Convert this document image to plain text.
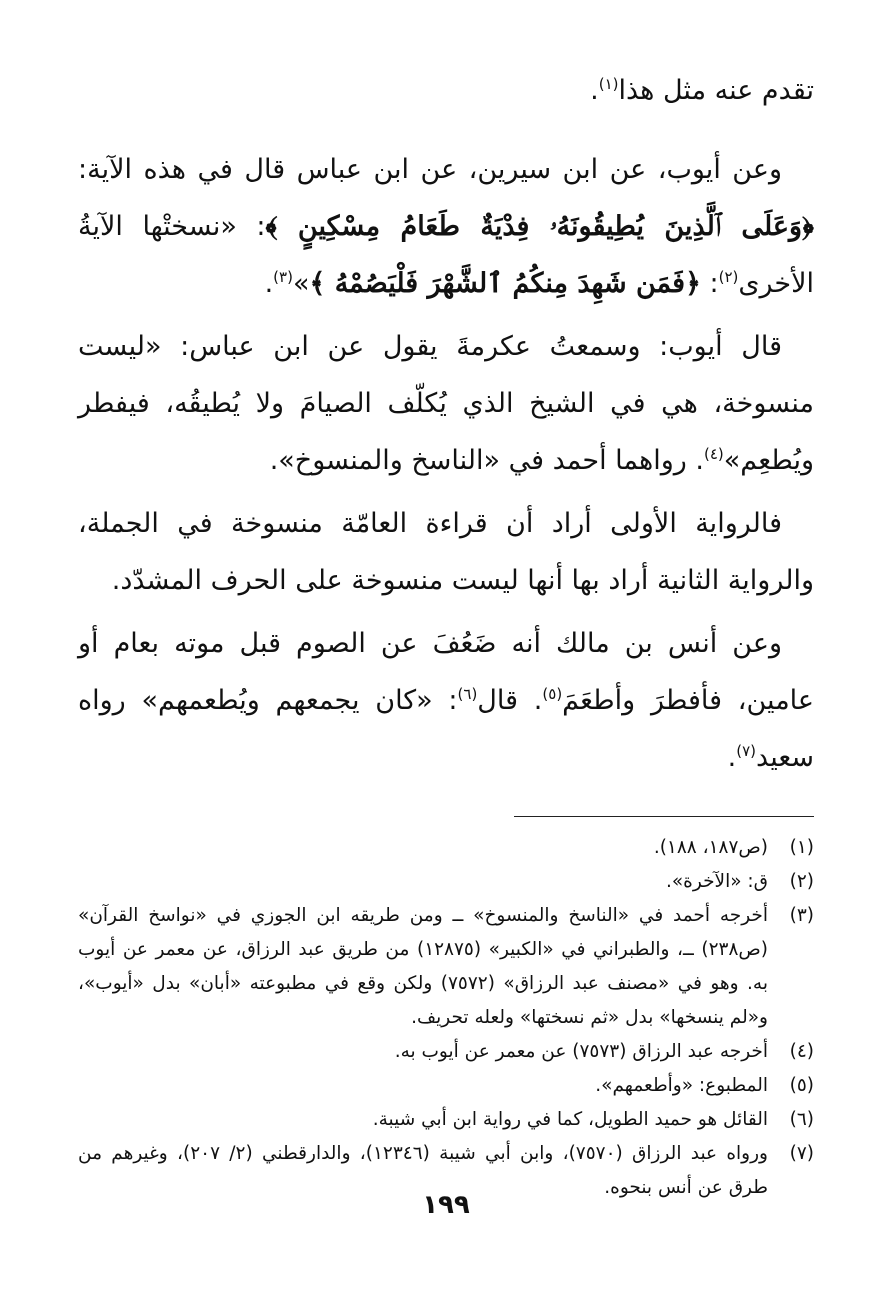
تقدم عنه مثل هذا$^{(١)}$.

وعن أيوب، عن ابن سيرين، عن ابن عباس قال في هذه الآية: ﴿وَعَلَى ٱلَّذِينَ يُطِيقُونَهُۥ فِدْيَةٌ طَعَامُ مِسْكِينٍ ﴾: «نسختْها الآيةُ الأخرى$^{(٢)}$: ﴿فَمَن شَهِدَ مِنكُمُ ٱلشَّهْرَ فَلْيَصُمْهُ ﴾»$^{(٣)}$.

قال أيوب: وسمعتُ عكرمةَ يقول عن ابن عباس: «ليست منسوخة، هي في الشيخ الذي يُكلّف الصيامَ ولا يُطيقُه، فيفطر ويُطعِم»$^{(٤)}$. رواهما أحمد في «الناسخ والمنسوخ».

فالرواية الأولى أراد أن قراءة العامّة منسوخة في الجملة، والرواية الثانية أراد بها أنها ليست منسوخة على الحرف المشدّد.

وعن أنس بن مالك أنه ضَعُفَ عن الصوم قبل موته بعام أو عامين، فأفطرَ وأطعَمَ$^{(٥)}$. قال$^{(٦)}$: «كان يجمعهم ويُطعمهم» رواه سعيد$^{(٧)}$.

(١)
(ص١٨٧، ١٨٨).
(٢)
ق: «الآخرة».
(٣)
أخرجه أحمد في «الناسخ والمنسوخ» ــ ومن طريقه ابن الجوزي في «نواسخ القرآن» (ص٢٣٨) ــ، والطبراني في «الكبير» (١٢٨٧٥) من طريق عبد الرزاق، عن معمر عن أيوب به. وهو في «مصنف عبد الرزاق» (٧٥٧٢) ولكن وقع في مطبوعته «أبان» بدل «أيوب»، و«لم ينسخها» بدل «ثم نسختها» ولعله تحريف.
(٤)
أخرجه عبد الرزاق (٧٥٧٣) عن معمر عن أيوب به.
(٥)
المطبوع: «وأطعمهم».
(٦)
القائل هو حميد الطويل، كما في رواية ابن أبي شيبة.
(٧)
ورواه عبد الرزاق (٧٥٧٠)، وابن أبي شيبة (١٢٣٤٦)، والدارقطني (٢/ ٢٠٧)، وغيرهم من طرق عن أنس بنحوه.
١٩٩
